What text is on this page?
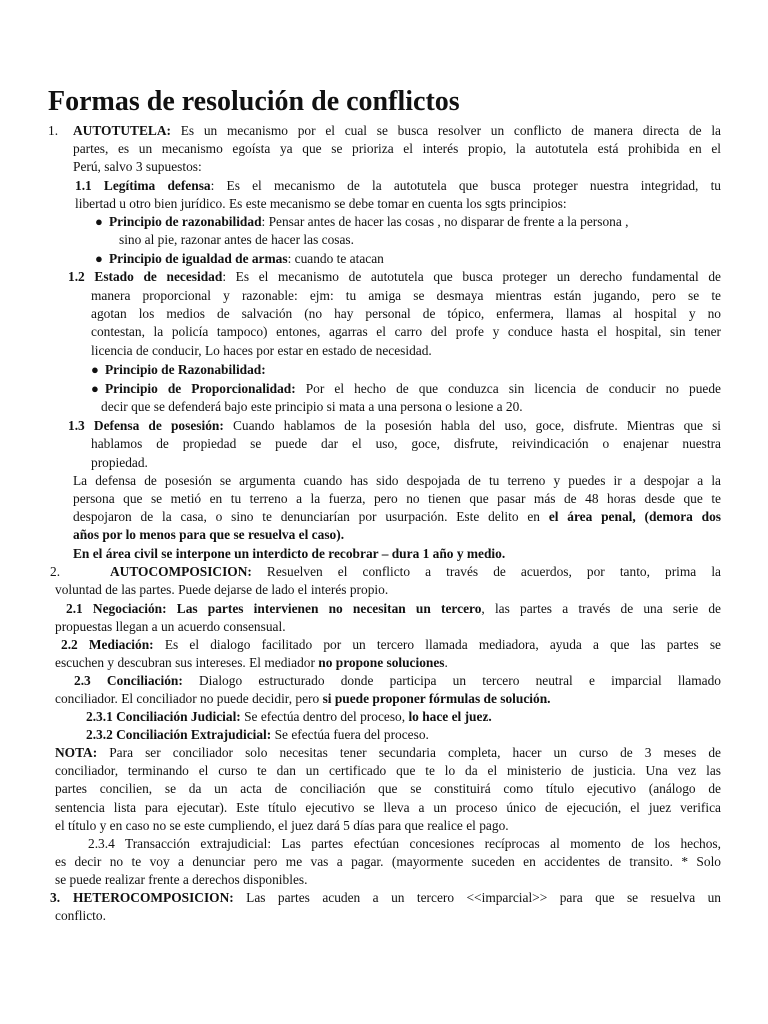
Formas de resolución de conflictos
1. AUTOTUTELA: Es un mecanismo por el cual se busca resolver un conflicto de manera directa de la
partes, es un mecanismo egoísta ya que se prioriza el interés propio, la autotutela está prohibida en el
Perú, salvo 3 supuestos:
1.1 Legítima defensa: Es el mecanismo de la autotutela que busca proteger nuestra integridad, tu
libertad u otro bien jurídico. Es este mecanismo se debe tomar en cuenta los sgts principios:
● Principio de razonabilidad: Pensar antes de hacer las cosas , no disparar de frente a la persona ,
sino al pie, razonar antes de hacer las cosas.
● Principio de igualdad de armas: cuando te atacan
1.2 Estado de necesidad: Es el mecanismo de autotutela que busca proteger un derecho fundamental de
manera proporcional y razonable: ejm: tu amiga se desmaya mientras están jugando, pero se te
agotan los medios de salvación (no hay personal de tópico, enfermera, llamas al hospital y no
contestan, la policía tampoco) entones, agarras el carro del profe y conduce hasta el hospital, sin tener
licencia de conducir, Lo haces por estar en estado de necesidad.
● Principio de Razonabilidad:
● Principio de Proporcionalidad: Por el hecho de que conduzca sin licencia de conducir no puede
decir que se defenderá bajo este principio si mata a una persona o lesione a 20.
1.3 Defensa de posesión: Cuando hablamos de la posesión habla del uso, goce, disfrute. Mientras que si
hablamos de propiedad se puede dar el uso, goce, disfrute, reivindicación o enajenar nuestra
propiedad.
La defensa de posesión se argumenta cuando has sido despojada de tu terreno y puedes ir a despojar a la
persona que se metió en tu terreno a la fuerza, pero no tienen que pasar más de 48 horas desde que te
despojaron de la casa, o sino te denunciarían por usurpación. Este delito en el área penal, (demora dos
años por lo menos para que se resuelva el caso).
En el área civil se interpone un interdicto de recobrar – dura 1 año y medio.
2.	AUTOCOMPOSICION: Resuelven el conflicto a través de acuerdos, por tanto, prima la
voluntad de las partes. Puede dejarse de lado el interés propio.
2.1 Negociación: Las partes intervienen no necesitan un tercero, las partes a través de una serie de
propuestas llegan a un acuerdo consensual.
2.2 Mediación: Es el dialogo facilitado por un tercero llamada mediadora, ayuda a que las partes se
escuchen y descubran sus intereses. El mediador no propone soluciones.
2.3 Conciliación: Dialogo estructurado donde participa un tercero neutral e imparcial llamado
conciliador. El conciliador no puede decidir, pero si puede proponer fórmulas de solución.
2.3.1 Conciliación Judicial: Se efectúa dentro del proceso, lo hace el juez.
2.3.2 Conciliación Extrajudicial: Se efectúa fuera del proceso.
NOTA: Para ser conciliador solo necesitas tener secundaria completa, hacer un curso de 3 meses de
conciliador, terminando el curso te dan un certificado que te lo da el ministerio de justicia. Una vez las
partes concilien, se da un acta de conciliación que se constituirá como título ejecutivo (análogo de
sentencia lista para ejecutar). Este título ejecutivo se lleva a un proceso único de ejecución, el juez verifica
el título y en caso no se este cumpliendo, el juez dará 5 días para que realice el pago.
2.3.4 Transacción extrajudicial: Las partes efectúan concesiones recíprocas al momento de los hechos,
es decir no te voy a denunciar pero me vas a pagar. (mayormente suceden en accidentes de transito. * Solo
se puede realizar frente a derechos disponibles.
3. HETEROCOMPOSICION: Las partes acuden a un tercero <<imparcial>> para que se resuelva un
conflicto.
